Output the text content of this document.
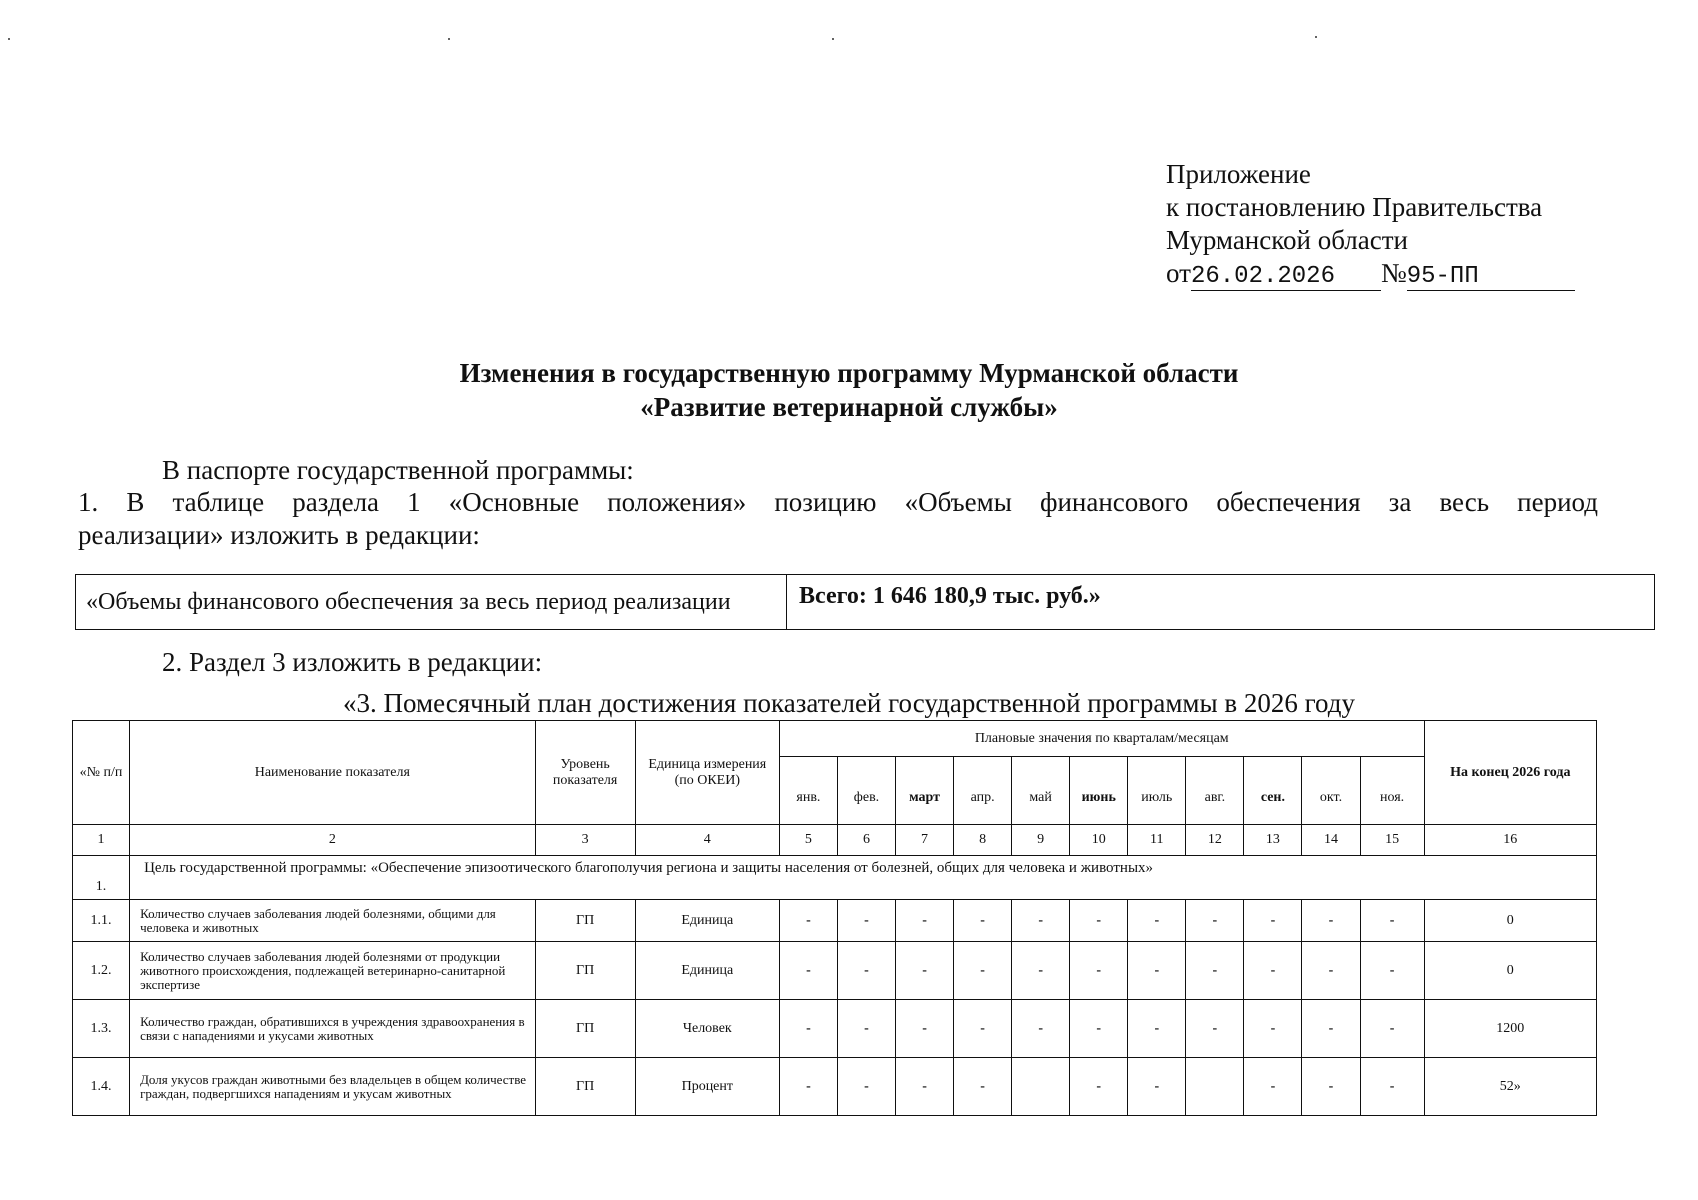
Приложение
к постановлению Правительства
Мурманской области
от26.02.2026 №95-ПП
Изменения в государственную программу Мурманской области
«Развитие ветеринарной службы»
В паспорте государственной программы:
1. В таблице раздела 1 «Основные положения» позицию «Объемы финансового обеспечения за весь период
реализации» изложить в редакции:
«Объемы финансового обеспечения за весь период реализации	Всего: 1 646 180,9 тыс. руб.»
2. Раздел 3 изложить в редакции:
«3. Помесячный план достижения показателей государственной программы в 2026 году
«№ п/п	Наименование показателя	Уровень показателя	Единица измерения (по ОКЕИ)	Плановые значения по кварталам/месяцам											На конец 2026 года
				янв.	фев.	март	апр.	май	июнь	июль	авг.	сен.	окт.	ноя.	
1	2	3	4	5	6	7	8	9	10	11	12	13	14	15	16
1.	Цель государственной программы: «Обеспечение эпизоотического благополучия региона и защиты населения от болезней, общих для человека и животных»														
1.1.	Количество случаев заболевания людей болезнями, общими для человека и животных	ГП	Единица	-	-	-	-	-	-	-	-	-	-	-	0
1.2.	Количество случаев заболевания людей болезнями от продукции животного происхождения, подлежащей ветеринарно-санитарной экспертизе	ГП	Единица	-	-	-	-	-	-	-	-	-	-	-	0
1.3.	Количество граждан, обратившихся в учреждения здравоохранения в связи с нападениями и укусами животных	ГП	Человек	-	-	-	-	-	-	-	-	-	-	-	1200
1.4.	Доля укусов граждан животными без владельцев в общем количестве граждан, подвергшихся нападениям и укусам животных	ГП	Процент	-	-	-	-		-	-		-	-	-	52»
